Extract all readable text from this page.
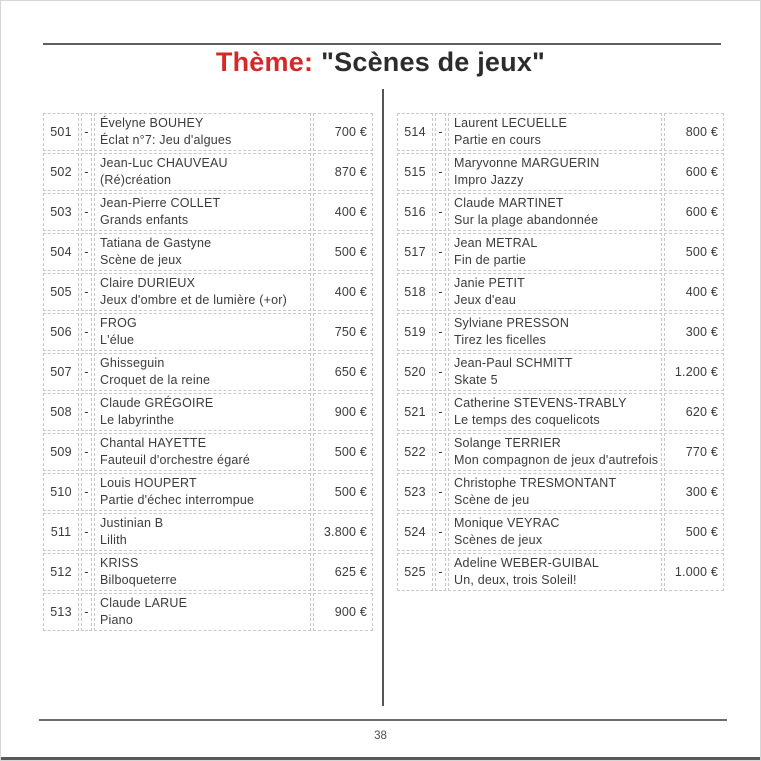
Thème: "Scènes de jeux"
501	-	Évelyne BOUHEY
Éclat n°7: Jeu d'algues	700 €
502	-	Jean-Luc CHAUVEAU
(Ré)création	870 €
503	-	Jean-Pierre COLLET
Grands enfants	400 €
504	-	Tatiana de Gastyne
Scène de jeux	500 €
505	-	Claire DURIEUX
Jeux d'ombre et de lumière (+or)	400 €
506	-	FROG
L'élue	750 €
507	-	Ghisseguin
Croquet de la reine	650 €
508	-	Claude GRÉGOIRE
Le labyrinthe	900 €
509	-	Chantal HAYETTE
Fauteuil d'orchestre égaré	500 €
510	-	Louis HOUPERT
Partie d'échec interrompue	500 €
511	-	Justinian B
Lilith	3.800 €
512	-	KRISS
Bilboqueterre	625 €
513	-	Claude LARUE
Piano	900 €
514	-	Laurent LECUELLE
Partie en cours	800 €
515	-	Maryvonne MARGUERIN
Impro Jazzy	600 €
516	-	Claude MARTINET
Sur la plage abandonnée	600 €
517	-	Jean METRAL
Fin de partie	500 €
518	-	Janie PETIT
Jeux d'eau	400 €
519	-	Sylviane PRESSON
Tirez les ficelles	300 €
520	-	Jean-Paul SCHMITT
Skate 5	1.200 €
521	-	Catherine STEVENS-TRABLY
Le temps des coquelicots	620 €
522	-	Solange TERRIER
Mon compagnon de jeux d'autrefois	770 €
523	-	Christophe TRESMONTANT
Scène de jeu	300 €
524	-	Monique VEYRAC
Scènes de jeux	500 €
525	-	Adeline WEBER-GUIBAL
Un, deux, trois Soleil!	1.000 €
38
